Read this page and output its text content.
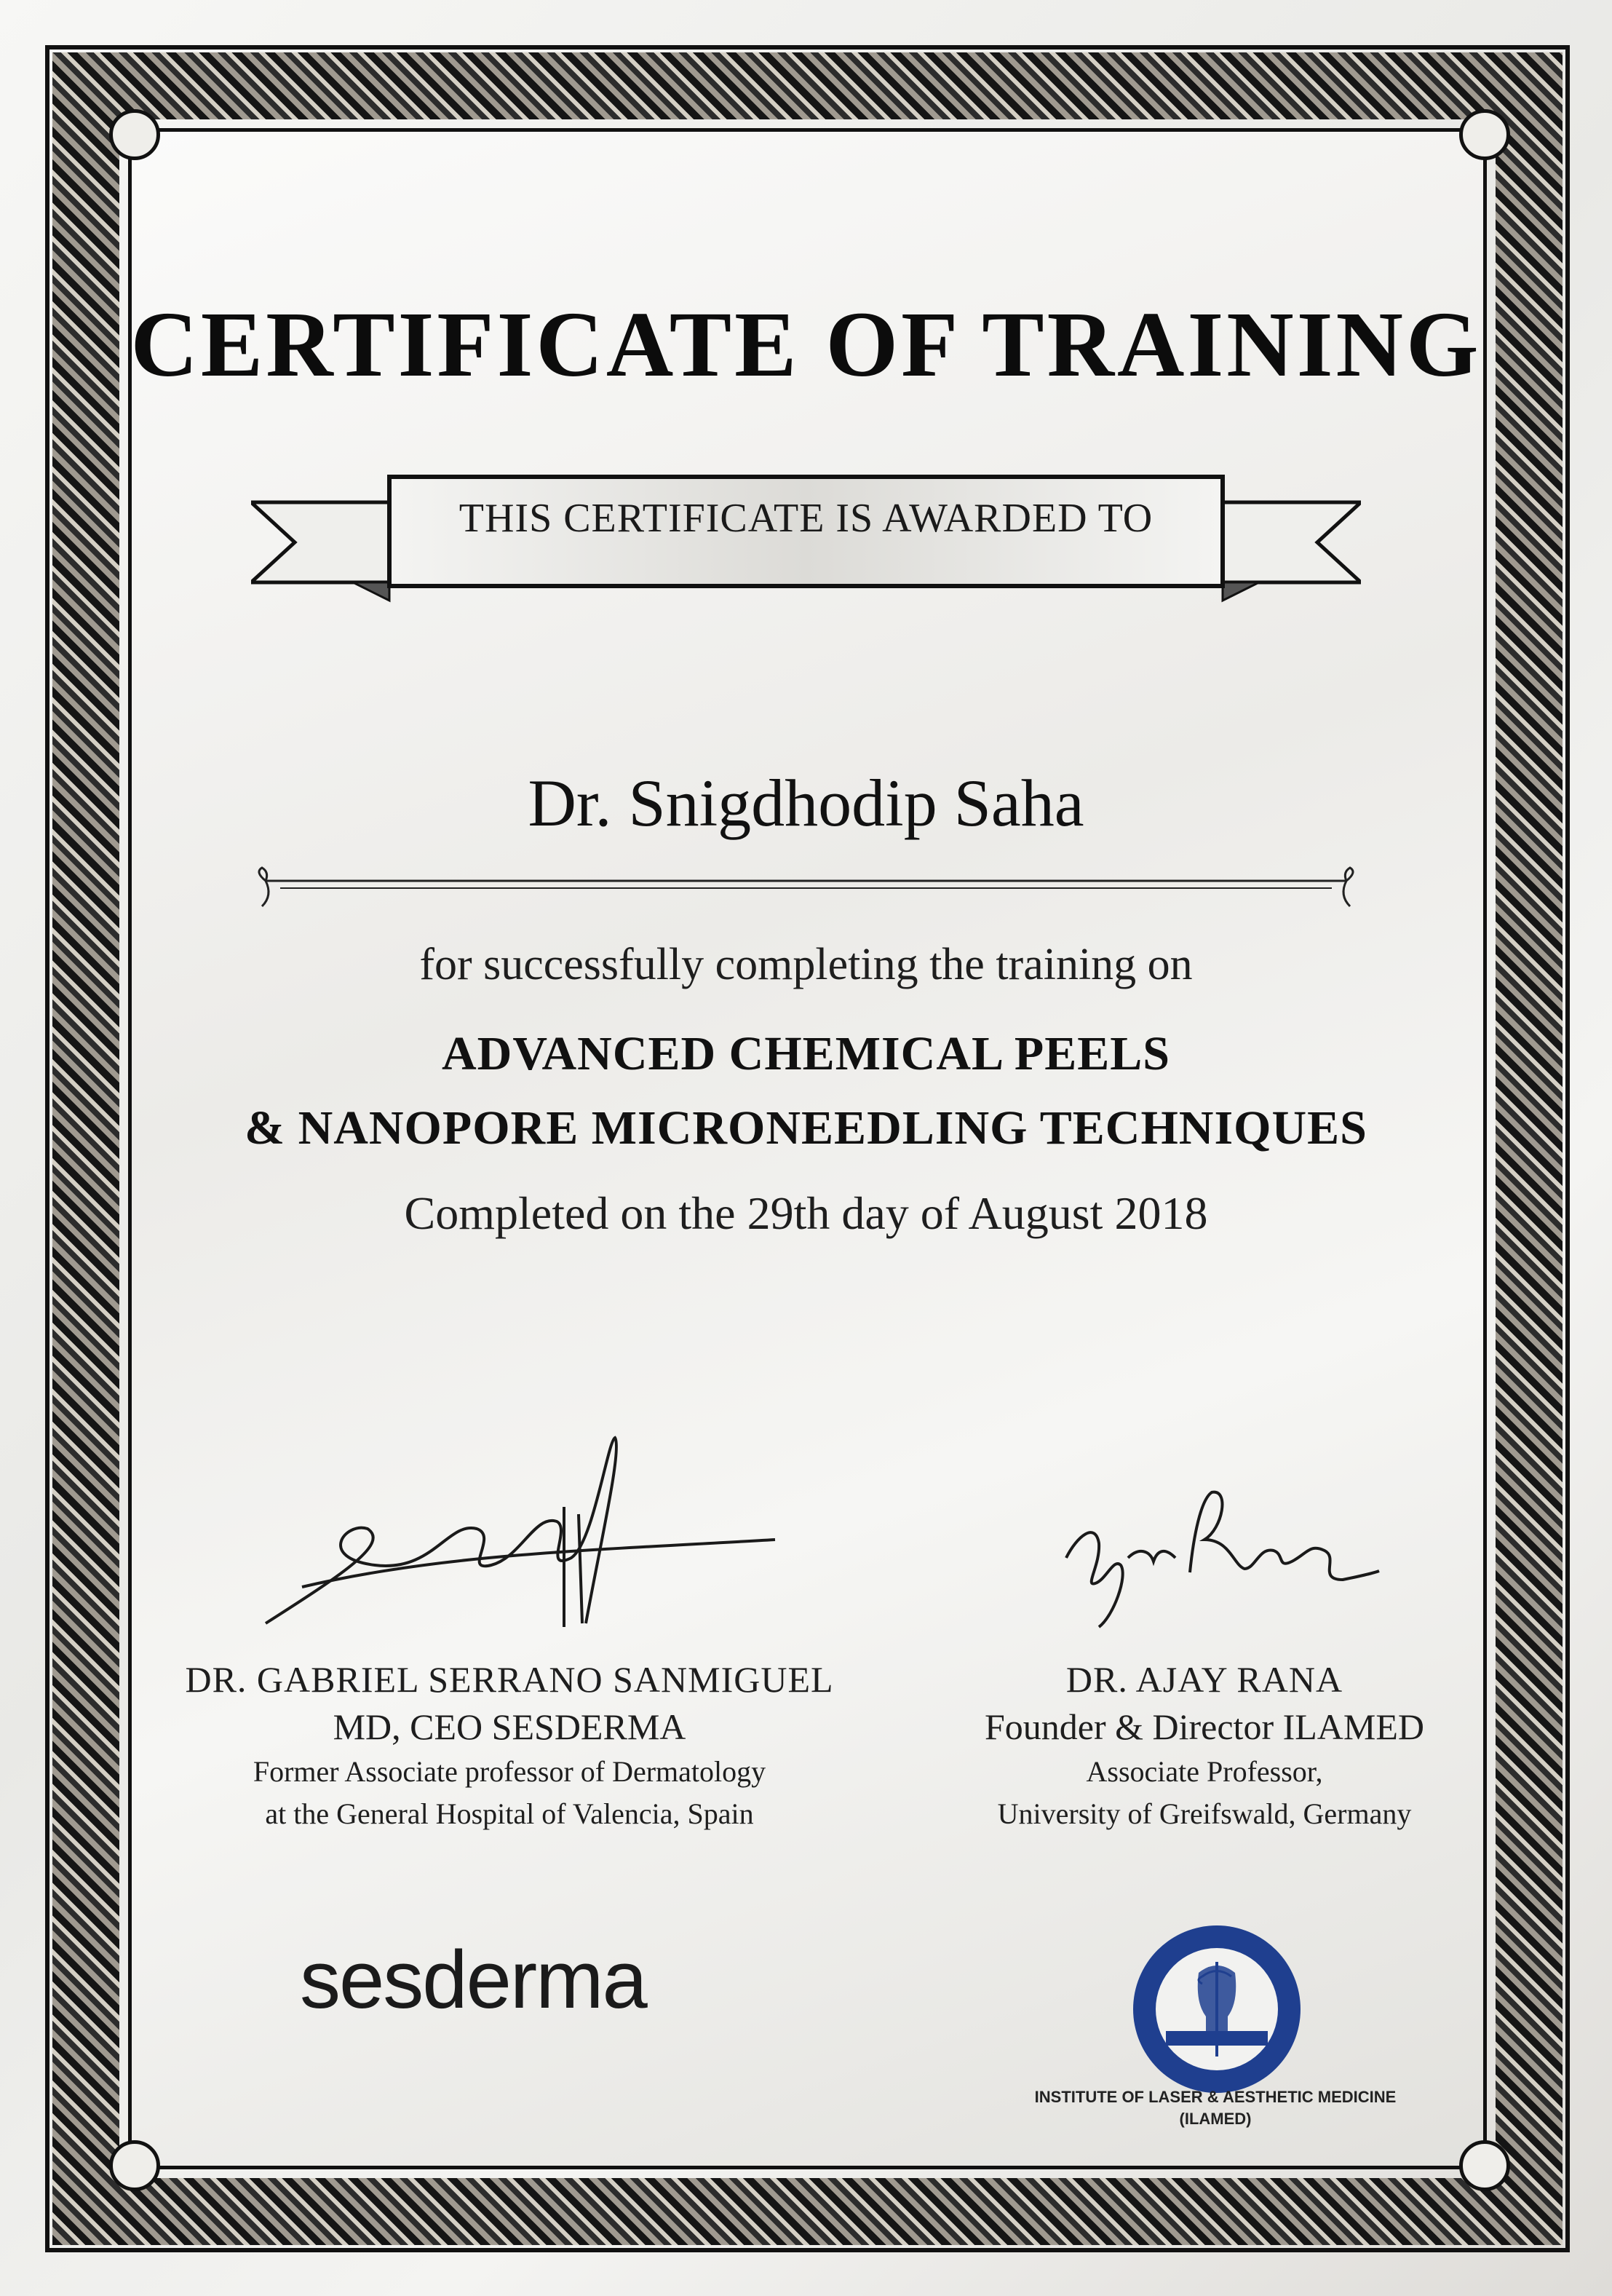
CERTIFICATE OF TRAINING
THIS CERTIFICATE IS AWARDED TO
Dr. Snigdhodip Saha
for successfully completing the training on
ADVANCED CHEMICAL PEELS
& NANOPORE MICRONEEDLING TECHNIQUES
Completed on the 29th day of August 2018
DR. GABRIEL SERRANO SANMIGUEL
MD, CEO SESDERMA
Former Associate professor of Dermatology
at the General Hospital of Valencia, Spain
DR. AJAY RANA
Founder & Director ILAMED
Associate Professor,
University of Greifswald, Germany
sesderma
INSTITUTE OF LASER & AESTHETIC MEDICINE
(ILAMED)
